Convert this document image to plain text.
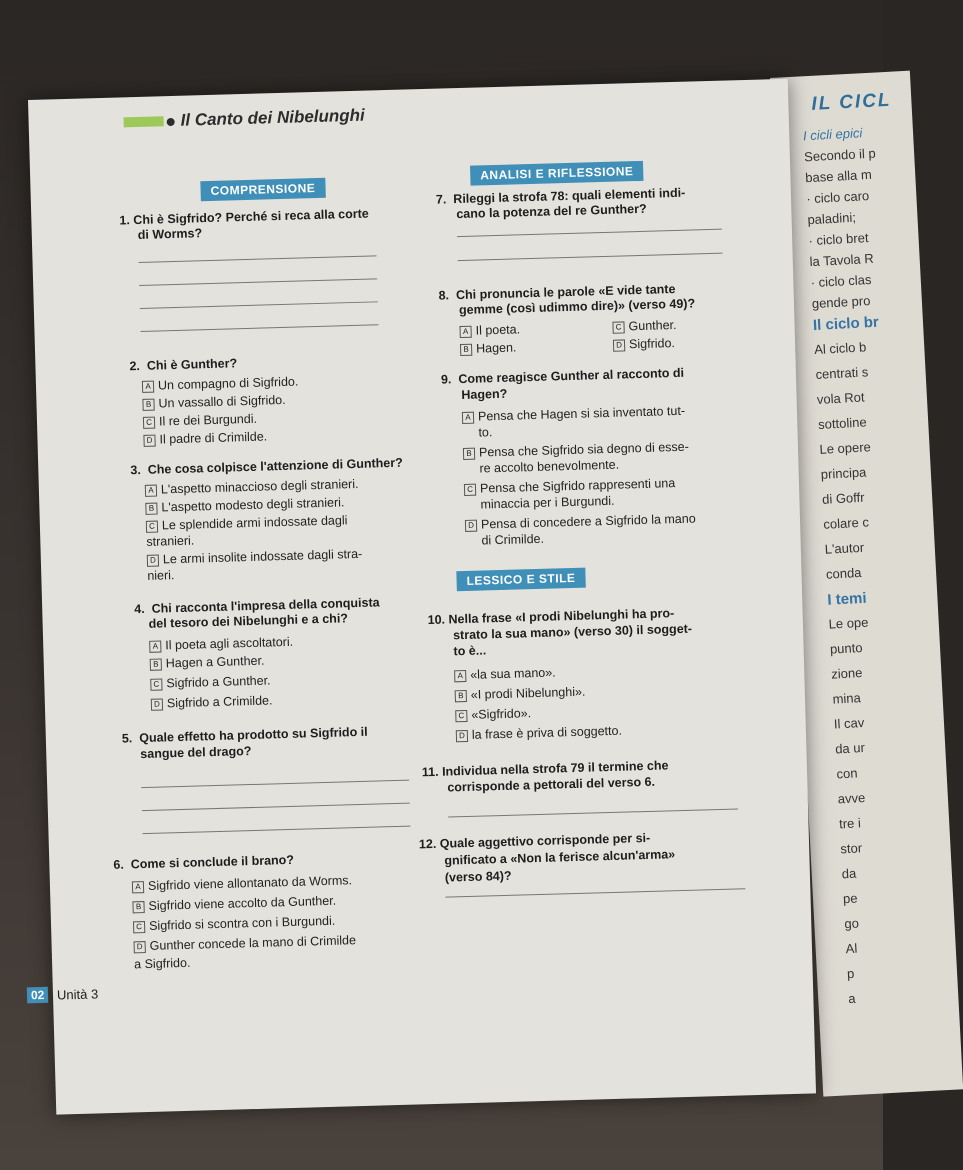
IL CICL
I cicli epici
Secondo il p
base alla m
· ciclo caro
paladini;
· ciclo bret
la Tavola R
· ciclo clas
gende pro
Il ciclo br
Al ciclo b
centrati s
vola Rot
sottoline
Le opere
principa
di Goffr
colare c
L'autor
conda
I temi
Le ope
punto
zione
mina
Il cav
da ur
con
avve
tre i
stor
da
pe
go
Al
p
a
Il Canto dei Nibelunghi
COMPRENSIONE
1. Chi è Sigfrido? Perché si reca alla corte
di Worms?
2. Chi è Gunther?
A Un compagno di Sigfrido.
B Un vassallo di Sigfrido.
C Il re dei Burgundi.
D Il padre di Crimilde.
3. Che cosa colpisce l'attenzione di Gunther?
A L'aspetto minaccioso degli stranieri.
B L'aspetto modesto degli stranieri.
C Le splendide armi indossate dagli
stranieri.
D Le armi insolite indossate dagli stra-
nieri.
4. Chi racconta l'impresa della conquista
del tesoro dei Nibelunghi e a chi?
A Il poeta agli ascoltatori.
B Hagen a Gunther.
C Sigfrido a Gunther.
D Sigfrido a Crimilde.
5. Quale effetto ha prodotto su Sigfrido il
sangue del drago?
6. Come si conclude il brano?
A Sigfrido viene allontanato da Worms.
B Sigfrido viene accolto da Gunther.
C Sigfrido si scontra con i Burgundi.
D Gunther concede la mano di Crimilde
a Sigfrido.
ANALISI E RIFLESSIONE
7. Rileggi la strofa 78: quali elementi indi-
cano la potenza del re Gunther?
8. Chi pronuncia le parole «E vide tante
gemme (così udimmo dire)» (verso 49)?
A Il poeta.	C Gunther.
B Hagen.	D Sigfrido.
9. Come reagisce Gunther al racconto di
Hagen?
A Pensa che Hagen si sia inventato tut-
to.
B Pensa che Sigfrido sia degno di esse-
re accolto benevolmente.
C Pensa che Sigfrido rappresenti una
minaccia per i Burgundi.
D Pensa di concedere a Sigfrido la mano
di Crimilde.
LESSICO E STILE
10. Nella frase «I prodi Nibelunghi ha pro-
strato la sua mano» (verso 30) il sogget-
to è...
A «la sua mano».
B «I prodi Nibelunghi».
C «Sigfrido».
D la frase è priva di soggetto.
11. Individua nella strofa 79 il termine che
corrisponde a pettorali del verso 6.
12. Quale aggettivo corrisponde per si-
gnificato a «Non la ferisce alcun'arma»
(verso 84)?
02 Unità 3
